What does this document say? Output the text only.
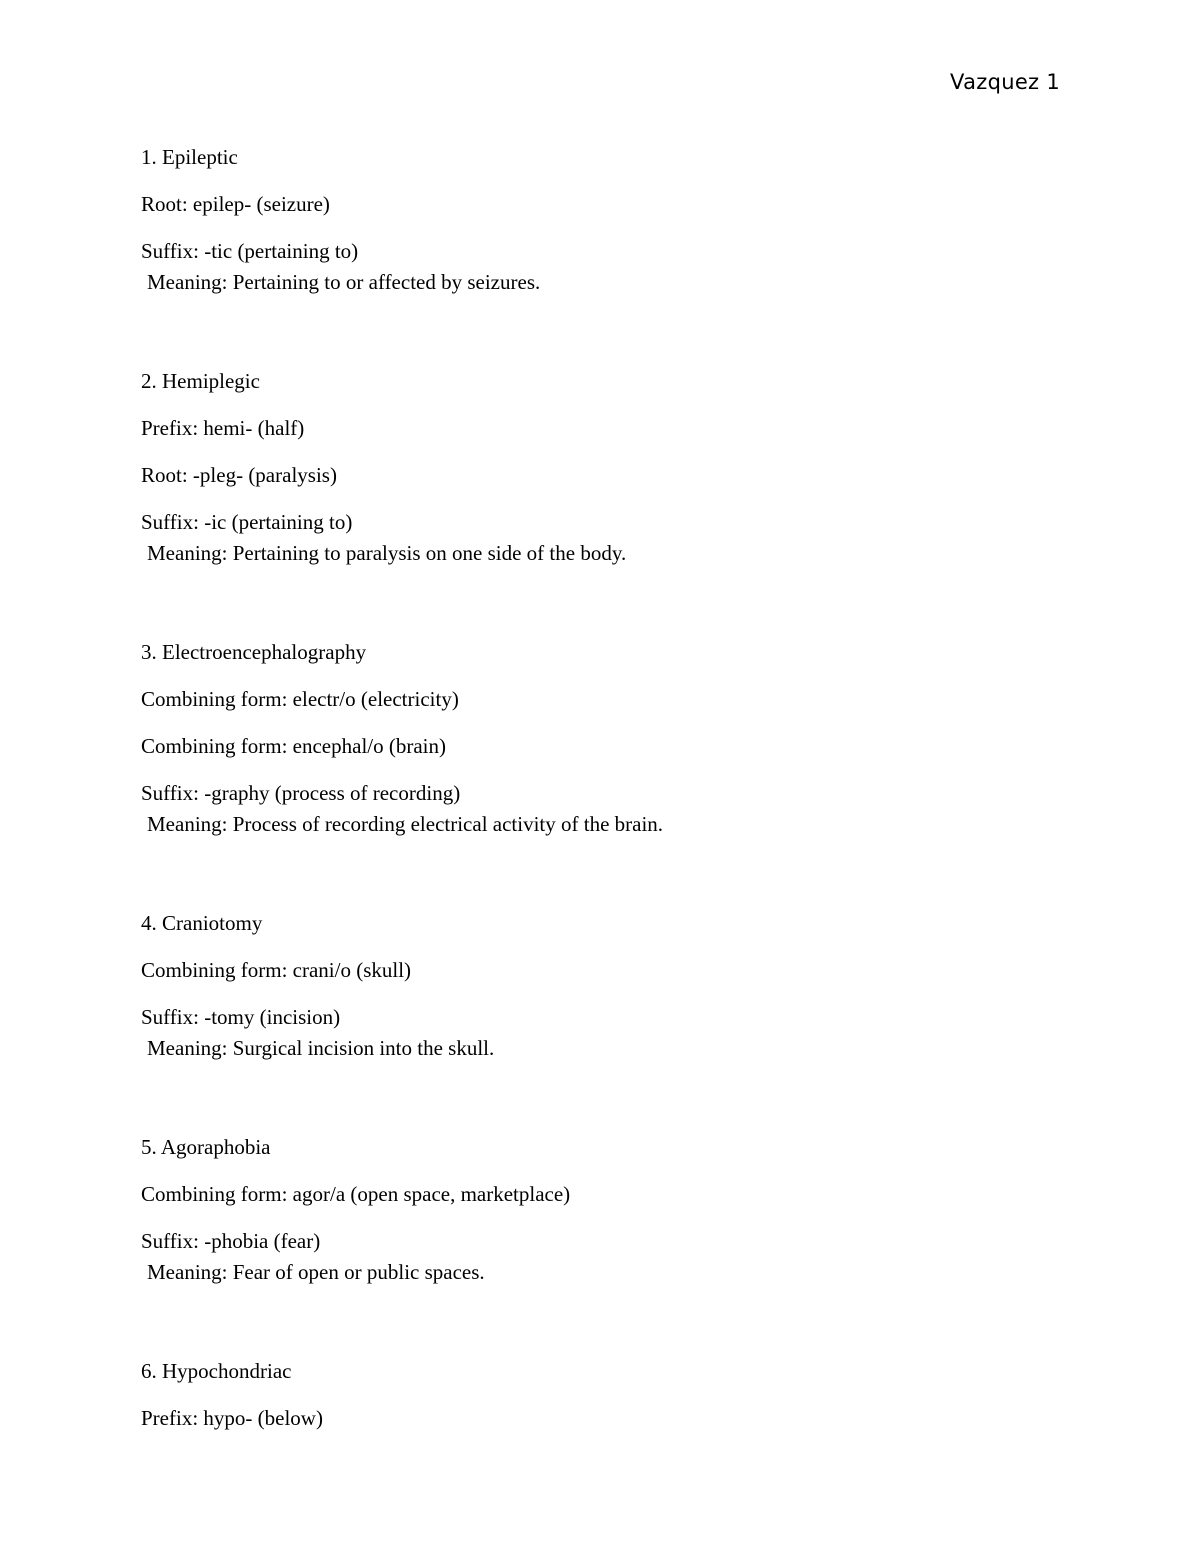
Vazquez 1

1. Epileptic

Root: epilep- (seizure)

Suffix: -tic (pertaining to)

Meaning: Pertaining to or affected by seizures.

2. Hemiplegic

Prefix: hemi- (half)

Root: -pleg- (paralysis)

Suffix: -ic (pertaining to)

Meaning: Pertaining to paralysis on one side of the body.

3. Electroencephalography

Combining form: electr/o (electricity)

Combining form: encephal/o (brain)

Suffix: -graphy (process of recording)

Meaning: Process of recording electrical activity of the brain.

4. Craniotomy

Combining form: crani/o (skull)

Suffix: -tomy (incision)

Meaning: Surgical incision into the skull.

5. Agoraphobia

Combining form: agor/a (open space, marketplace)

Suffix: -phobia (fear)

Meaning: Fear of open or public spaces.

6. Hypochondriac

Prefix: hypo- (below)
